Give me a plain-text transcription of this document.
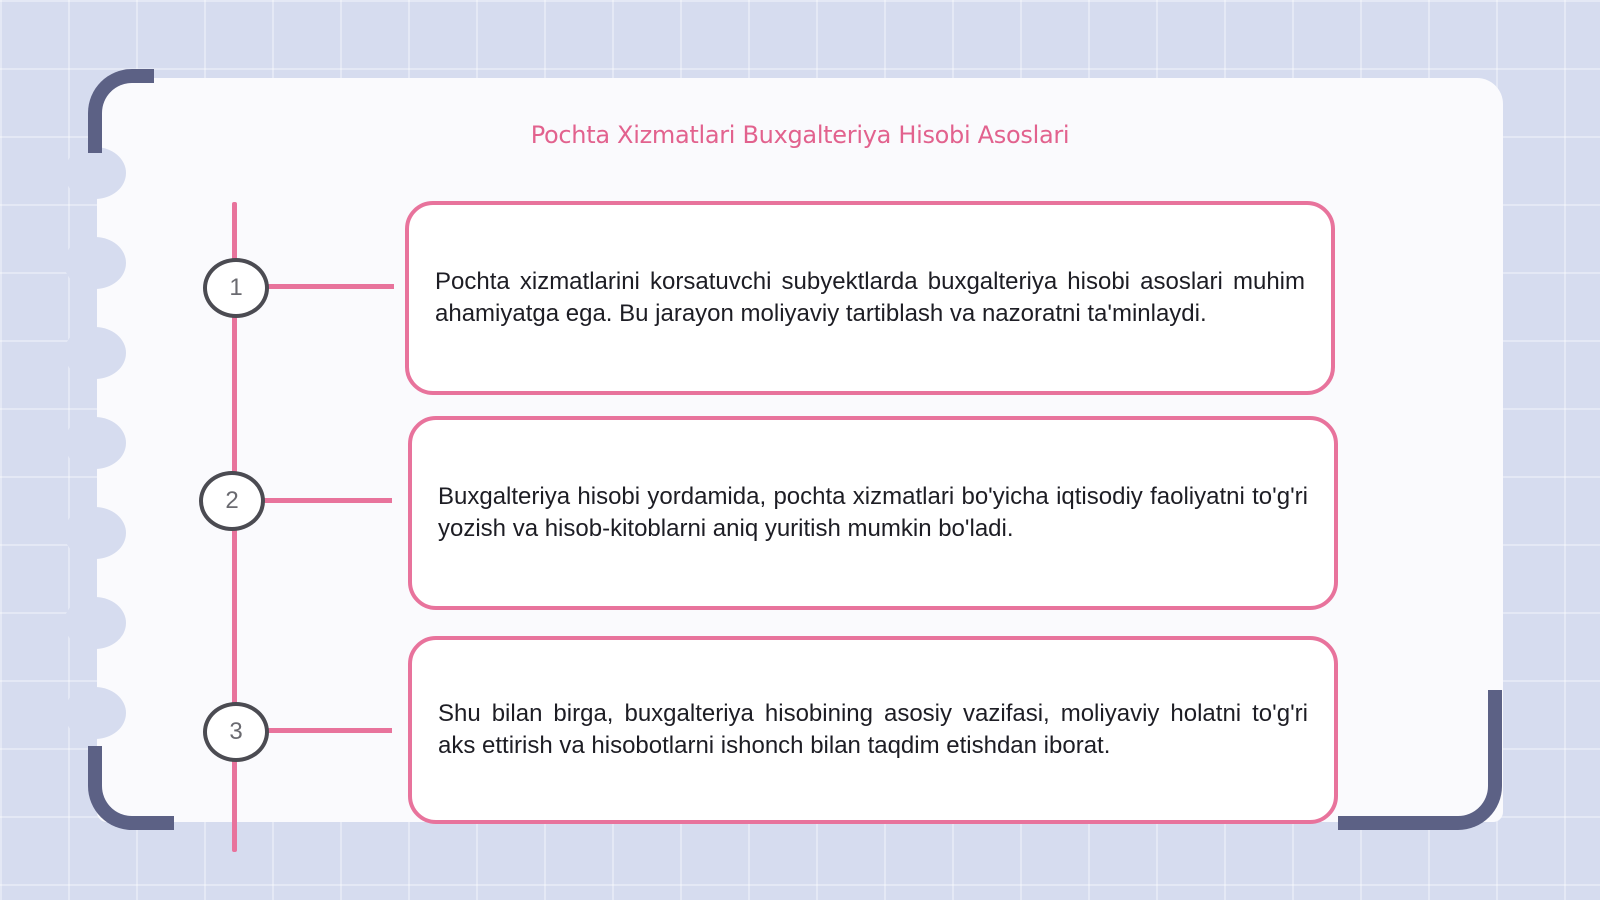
Pochta Xizmatlari Buxgalteriya Hisobi Asoslari
1
2
3

Pochta xizmatlarini korsatuvchi subyektlarda buxgalteriya hisobi asoslari muhim ahamiyatga ega. Bu jarayon moliyaviy tartiblash va nazoratni ta'minlaydi.

Buxgalteriya hisobi yordamida, pochta xizmatlari bo'yicha iqtisodiy faoliyatni to'g'ri yozish va hisob-kitoblarni aniq yuritish mumkin bo'ladi.

Shu bilan birga, buxgalteriya hisobining asosiy vazifasi, moliyaviy holatni to'g'ri aks ettirish va hisobotlarni ishonch bilan taqdim etishdan iborat.
